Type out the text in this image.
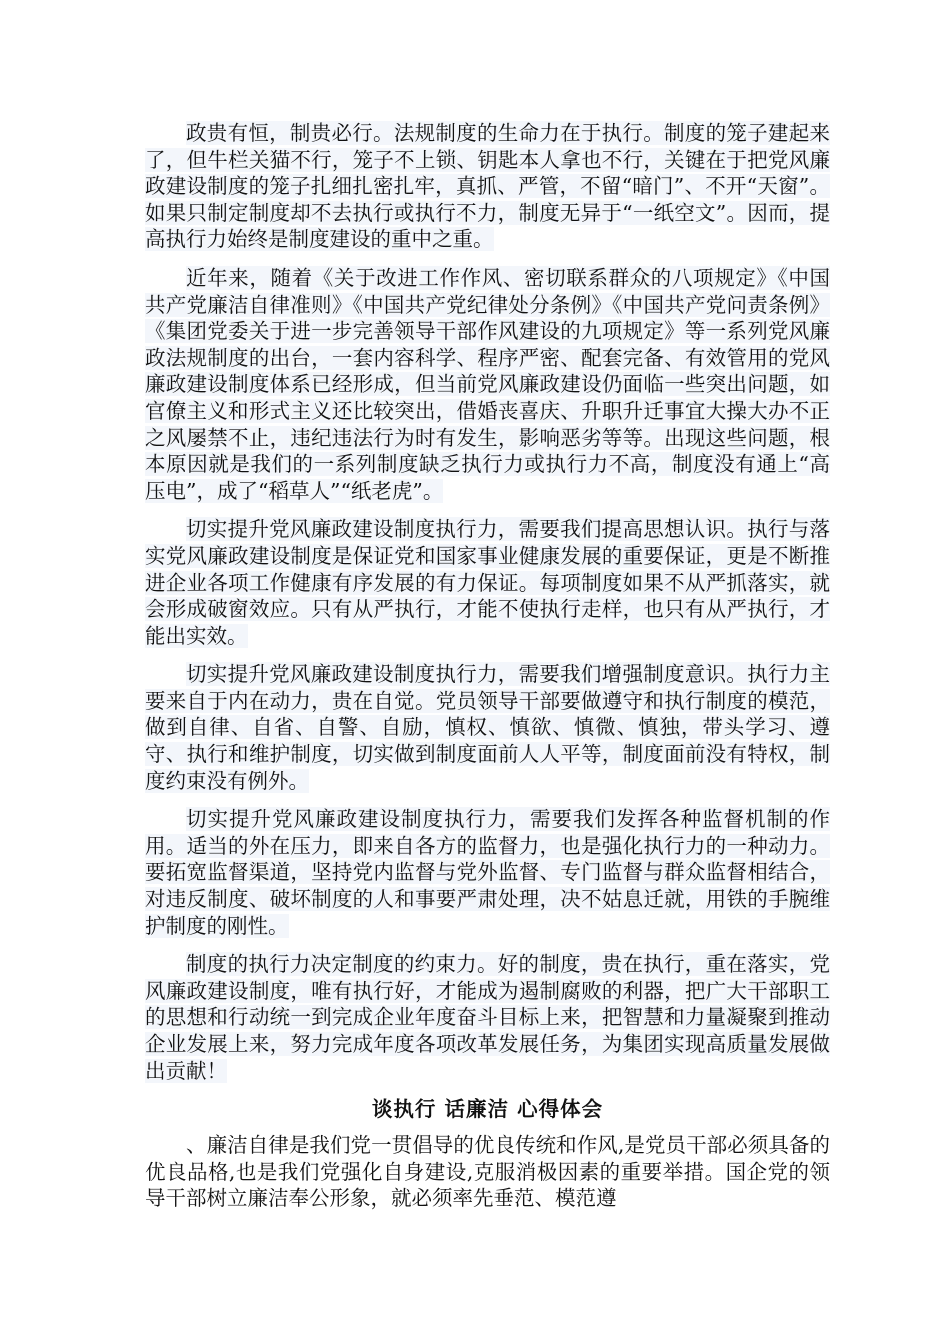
政贵有恒，制贵必行。法规制度的生命力在于执行。制度的笼子建起来了，但牛栏关猫不行，笼子不上锁、钥匙本人拿也不行，关键在于把党风廉政建设制度的笼子扎细扎密扎牢，真抓、严管，不留“暗门”、不开“天窗”。如果只制定制度却不去执行或执行不力，制度无异于“一纸空文”。因而，提高执行力始终是制度建设的重中之重。

近年来，随着《关于改进工作作风、密切联系群众的八项规定》《中国共产党廉洁自律准则》《中国共产党纪律处分条例》《中国共产党问责条例》《集团党委关于进一步完善领导干部作风建设的九项规定》等一系列党风廉政法规制度的出台，一套内容科学、程序严密、配套完备、有效管用的党风廉政建设制度体系已经形成，但当前党风廉政建设仍面临一些突出问题，如官僚主义和形式主义还比较突出，借婚丧喜庆、升职升迁事宜大操大办不正之风屡禁不止，违纪违法行为时有发生，影响恶劣等等。出现这些问题，根本原因就是我们的一系列制度缺乏执行力或执行力不高，制度没有通上“高压电”，成了“稻草人”“纸老虎”。

切实提升党风廉政建设制度执行力，需要我们提高思想认识。执行与落实党风廉政建设制度是保证党和国家事业健康发展的重要保证，更是不断推进企业各项工作健康有序发展的有力保证。每项制度如果不从严抓落实，就会形成破窗效应。只有从严执行，才能不使执行走样，也只有从严执行，才能出实效。

切实提升党风廉政建设制度执行力，需要我们增强制度意识。执行力主要来自于内在动力，贵在自觉。党员领导干部要做遵守和执行制度的模范，做到自律、自省、自警、自励，慎权、慎欲、慎微、慎独，带头学习、遵守、执行和维护制度，切实做到制度面前人人平等，制度面前没有特权，制度约束没有例外。

切实提升党风廉政建设制度执行力，需要我们发挥各种监督机制的作用。适当的外在压力，即来自各方的监督力，也是强化执行力的一种动力。要拓宽监督渠道，坚持党内监督与党外监督、专门监督与群众监督相结合，对违反制度、破坏制度的人和事要严肃处理，决不姑息迁就，用铁的手腕维护制度的刚性。

制度的执行力决定制度的约束力。好的制度，贵在执行，重在落实，党风廉政建设制度，唯有执行好，才能成为遏制腐败的利器，把广大干部职工的思想和行动统一到完成企业年度奋斗目标上来，把智慧和力量凝聚到推动企业发展上来，努力完成年度各项改革发展任务，为集团实现高质量发展做出贡献！

谈执行 话廉洁 心得体会

、廉洁自律是我们党一贯倡导的优良传统和作风,是党员干部必须具备的优良品格,也是我们党强化自身建设,克服消极因素的重要举措。国企党的领导干部树立廉洁奉公形象，就必须率先垂范、模范遵
